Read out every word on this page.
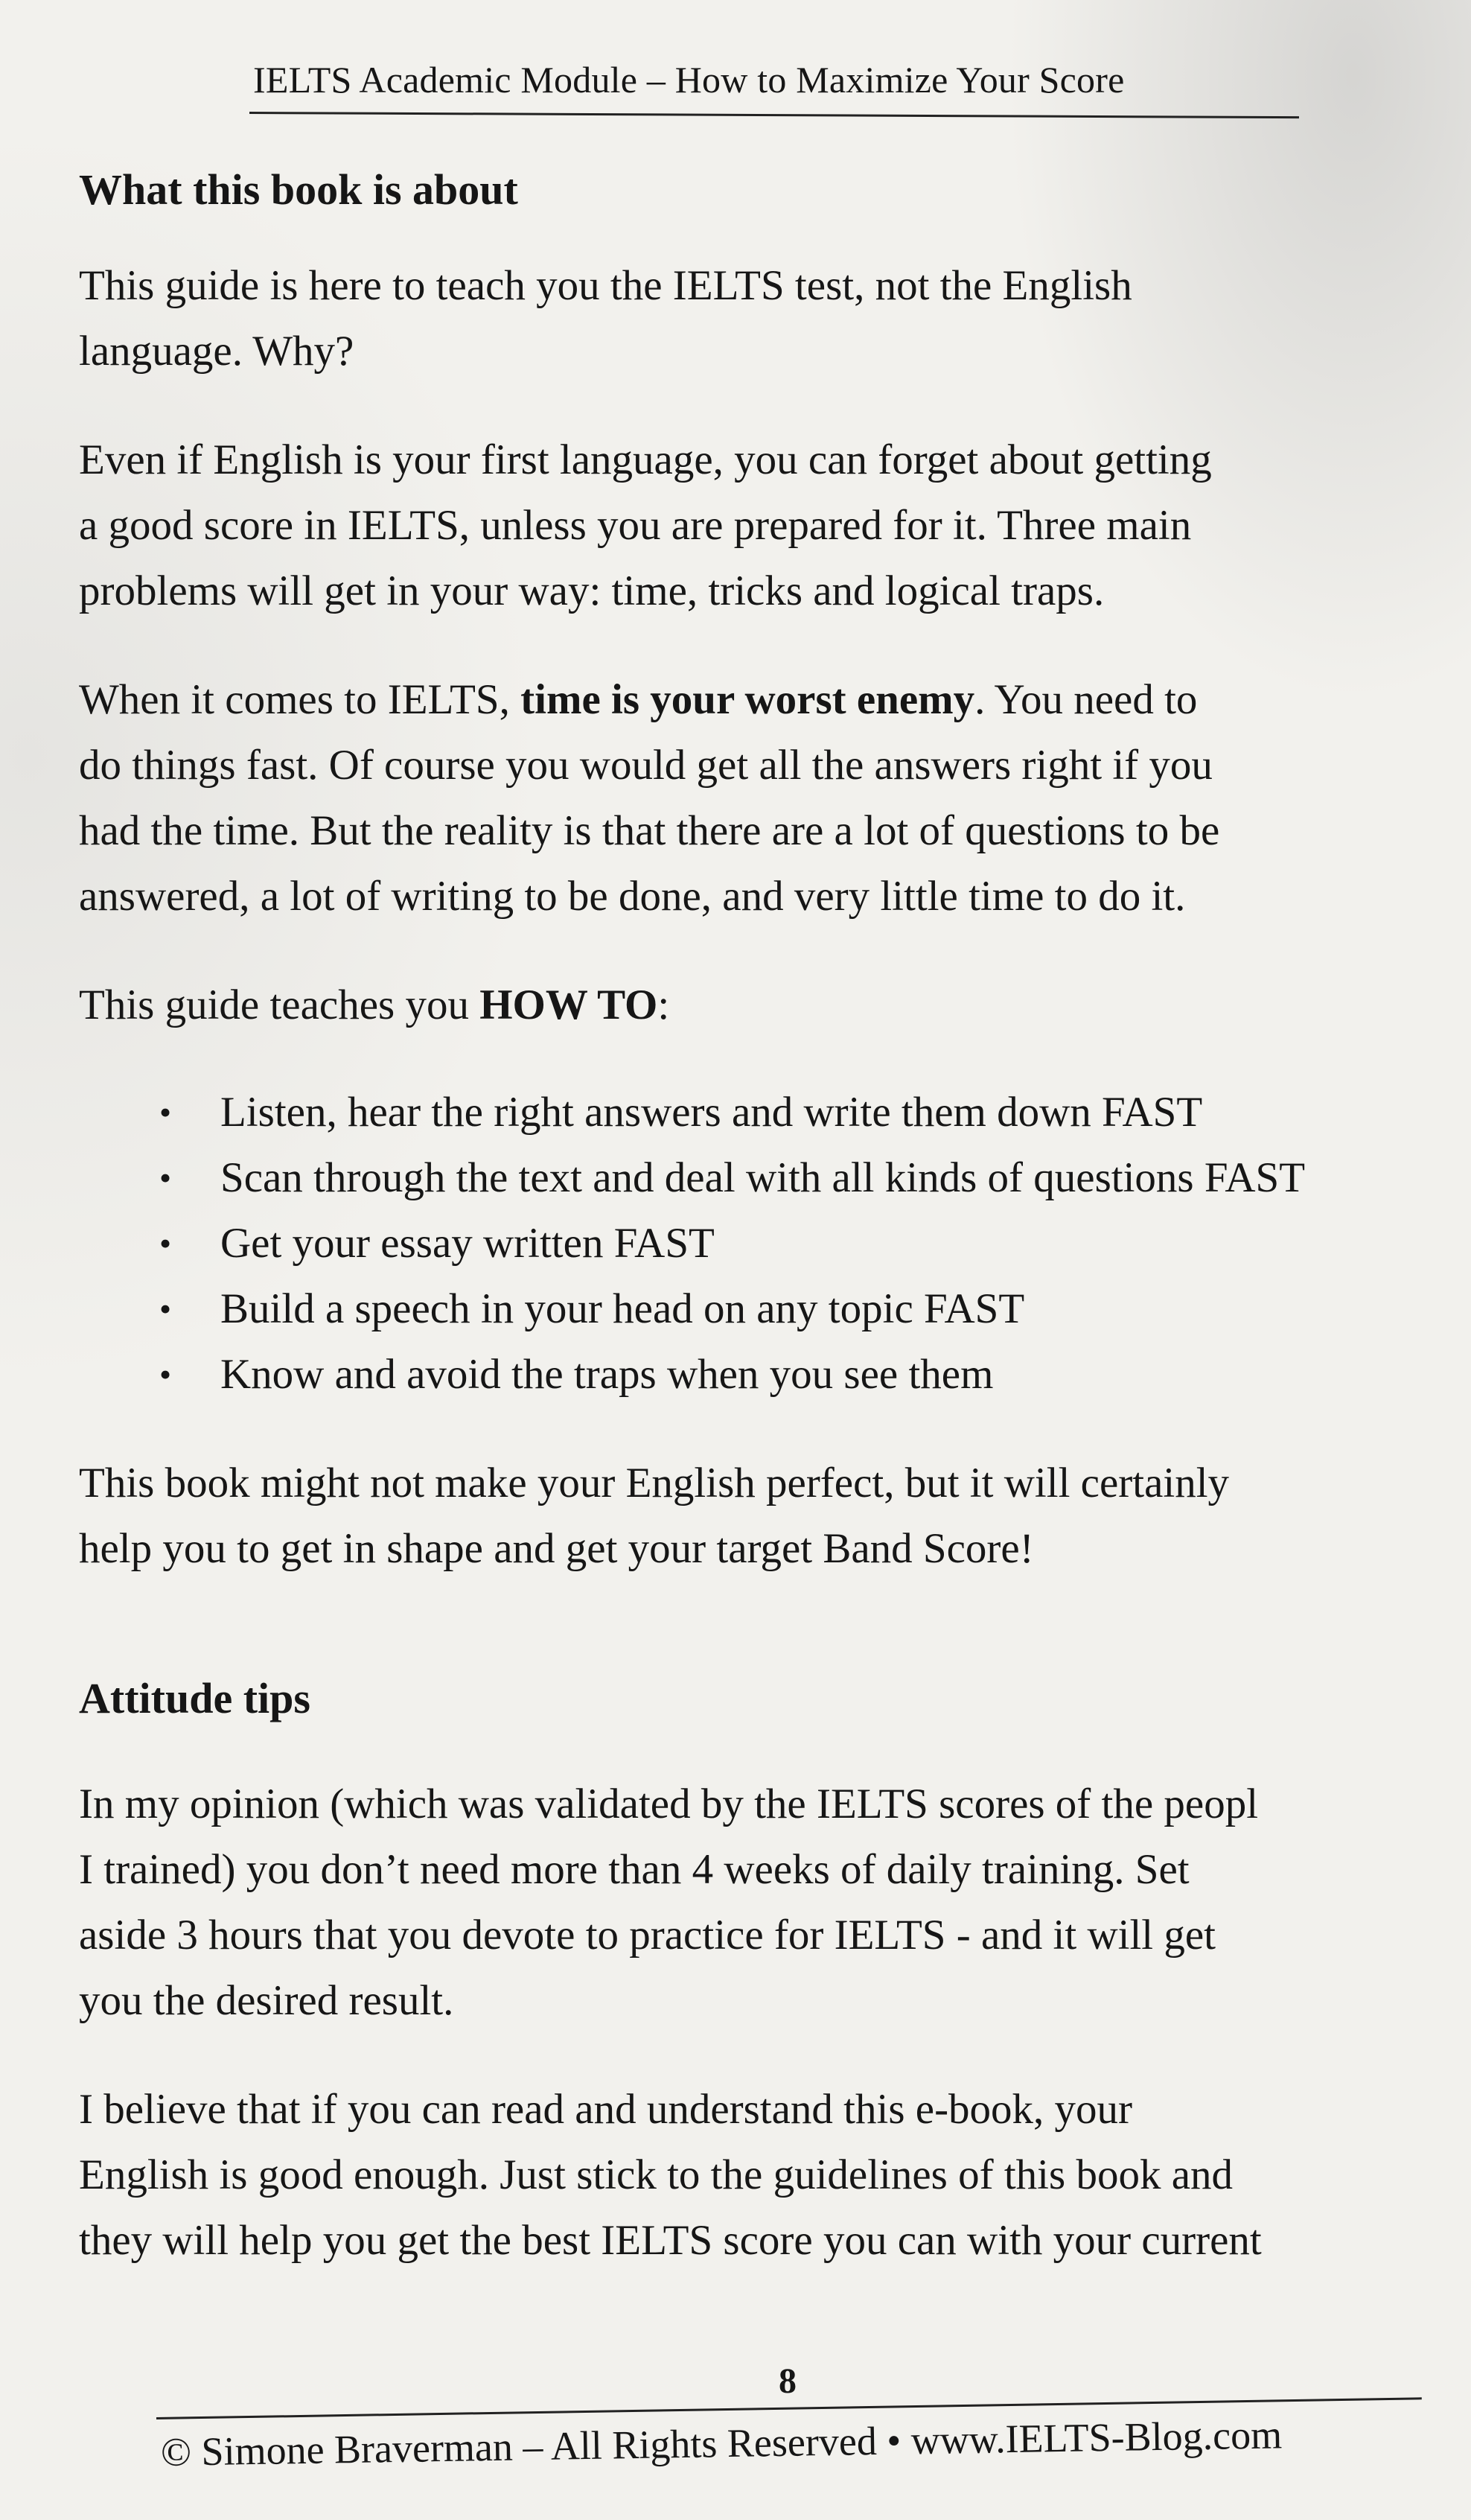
IELTS Academic Module – How to Maximize Your Score
What this book is about

This guide is here to teach you the IELTS test, not the English

language. Why?

Even if English is your first language, you can forget about getting

a good score in IELTS, unless you are prepared for it. Three main

problems will get in your way: time, tricks and logical traps.

When it comes to IELTS, time is your worst enemy. You need to

do things fast. Of course you would get all the answers right if you

had the time. But the reality is that there are a lot of questions to be

answered, a lot of writing to be done, and very little time to do it.

This guide teaches you HOW TO:

• Listen, hear the right answers and write them down FAST
• Scan through the text and deal with all kinds of questions FAST
• Get your essay written FAST
• Build a speech in your head on any topic FAST
• Know and avoid the traps when you see them

This book might not make your English perfect, but it will certainly

help you to get in shape and get your target Band Score!

Attitude tips

In my opinion (which was validated by the IELTS scores of the peopl

I trained) you don’t need more than 4 weeks of daily training. Set

aside 3 hours that you devote to practice for IELTS - and it will get

you the desired result.

I believe that if you can read and understand this e-book, your

English is good enough. Just stick to the guidelines of this book and

they will help you get the best IELTS score you can with your current

8
© Simone Braverman – All Rights Reserved • www.IELTS-Blog.com
